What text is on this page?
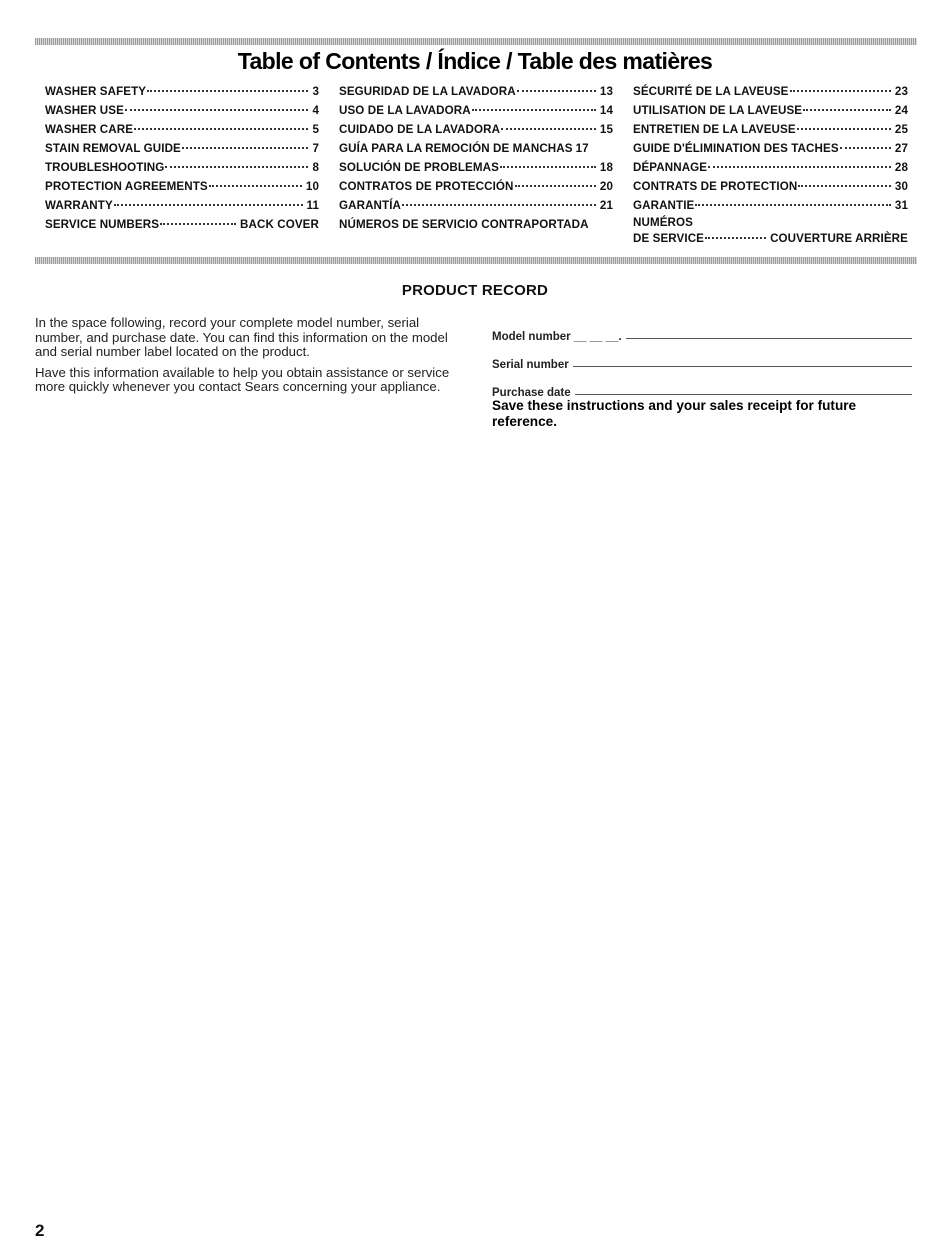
Table of Contents / Índice / Table des matières
WASHER SAFETY	3
WASHER USE	4
WASHER CARE	5
STAIN REMOVAL GUIDE	7
TROUBLESHOOTING	8
PROTECTION AGREEMENTS	10
WARRANTY	11
SERVICE NUMBERS	BACK COVER
SEGURIDAD DE LA LAVADORA	13
USO DE LA LAVADORA	14
CUIDADO DE LA LAVADORA	15
GUÍA PARA LA REMOCIÓN DE MANCHAS 17
SOLUCIÓN DE PROBLEMAS	18
CONTRATOS DE PROTECCIÓN	20
GARANTÍA	21
NÚMEROS DE SERVICIO CONTRAPORTADA
SÉCURITÉ DE LA LAVEUSE	23
UTILISATION DE LA LAVEUSE	24
ENTRETIEN DE LA LAVEUSE	25
GUIDE D'ÉLIMINATION DES TACHES	27
DÉPANNAGE	28
CONTRATS DE PROTECTION	30
GARANTIE	31
NUMÉROS
DE SERVICE	COUVERTURE ARRIÈRE
PRODUCT RECORD

In the space following, record your complete model number, serial number, and purchase date. You can find this information on the model and serial number label located on the product.

Have this information available to help you obtain assistance or service more quickly whenever you contact Sears concerning your appliance.

Model number __ __ __.
Serial number
Purchase date
Save these instructions and your sales receipt for future reference.
2
